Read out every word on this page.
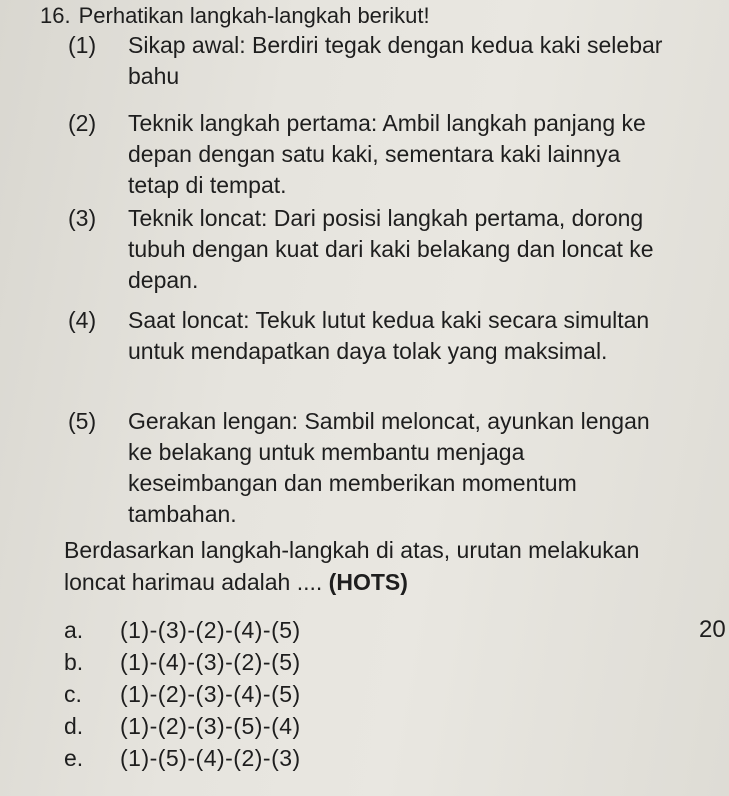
16. Perhatikan langkah-langkah berikut!
(1) Sikap awal: Berdiri tegak dengan kedua kaki selebar bahu
(2) Teknik langkah pertama: Ambil langkah panjang ke depan dengan satu kaki, sementara kaki lainnya tetap di tempat.
(3) Teknik loncat: Dari posisi langkah pertama, dorong tubuh dengan kuat dari kaki belakang dan loncat ke depan.
(4) Saat loncat: Tekuk lutut kedua kaki secara simultan untuk mendapatkan daya tolak yang maksimal.
(5) Gerakan lengan: Sambil meloncat, ayunkan lengan ke belakang untuk membantu menjaga keseimbangan dan memberikan momentum tambahan.
Berdasarkan langkah-langkah di atas, urutan melakukan loncat harimau adalah .... (HOTS)
a. (1)-(3)-(2)-(4)-(5)
b. (1)-(4)-(3)-(2)-(5)
c. (1)-(2)-(3)-(4)-(5)
d. (1)-(2)-(3)-(5)-(4)
e. (1)-(5)-(4)-(2)-(3)
20
